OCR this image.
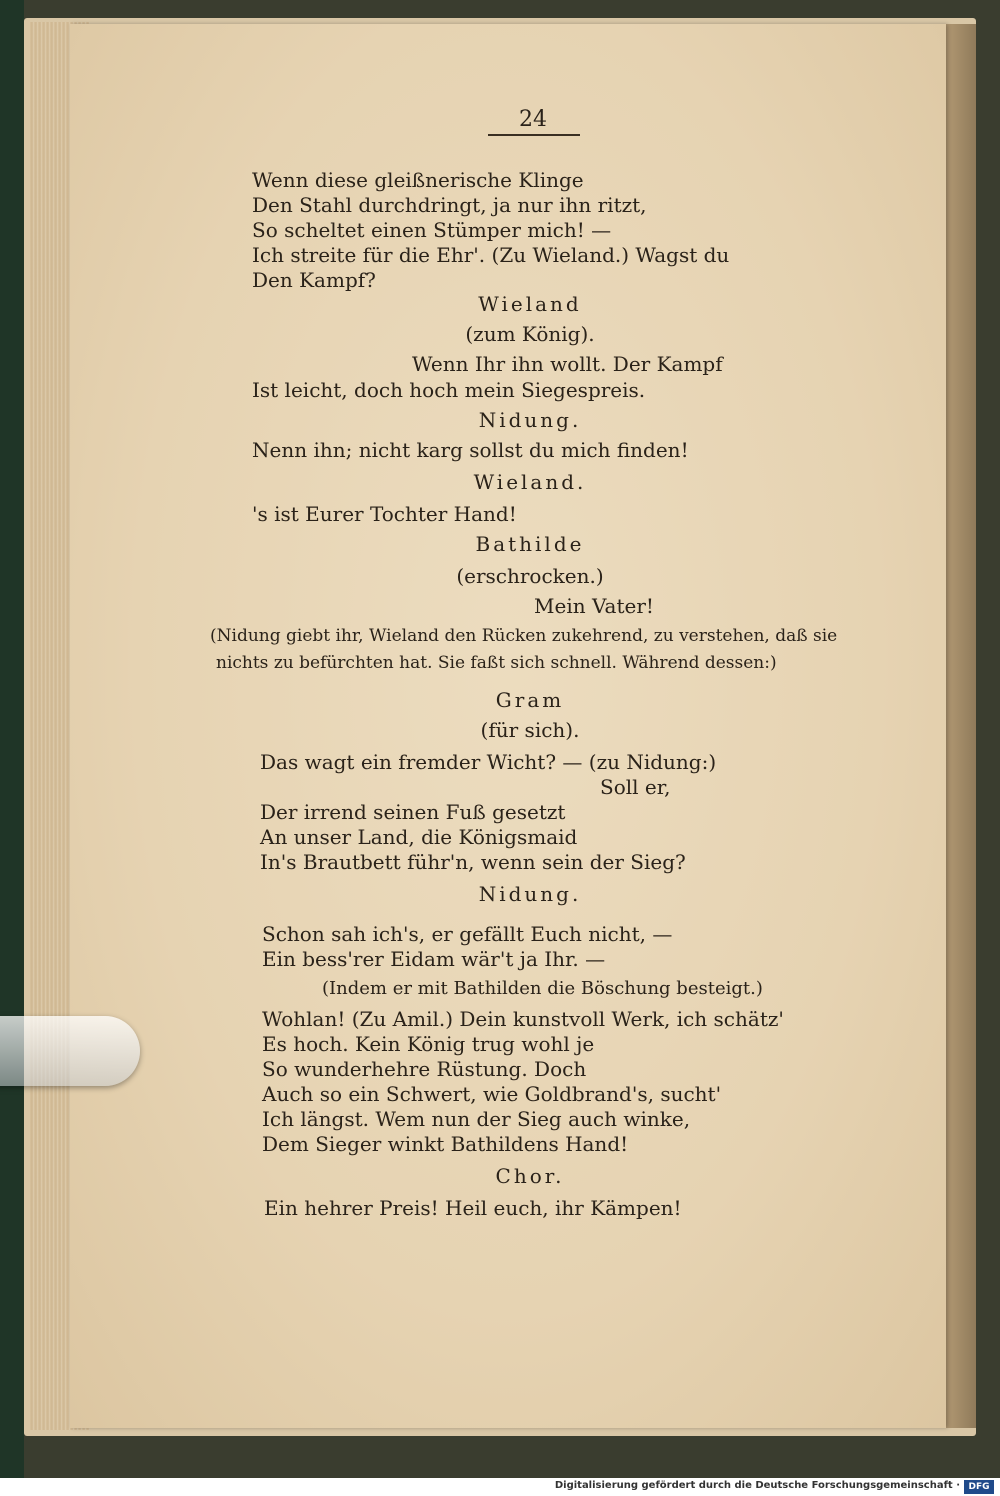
24
Wenn diese gleißnerische Klinge
Den Stahl durchdringt, ja nur ihn ritzt,
So scheltet einen Stümper mich! —
Ich streite für die Ehr'. (Zu Wieland.) Wagst du
Den Kampf?
Wieland
(zum König).
Wenn Ihr ihn wollt. Der Kampf
Ist leicht, doch hoch mein Siegespreis.
Nidung.
Nenn ihn; nicht karg sollst du mich finden!
Wieland.
's ist Eurer Tochter Hand!
Bathilde
(erschrocken.)
Mein Vater!
(Nidung giebt ihr, Wieland den Rücken zukehrend, zu verstehen, daß sie
nichts zu befürchten hat. Sie faßt sich schnell. Während dessen:)
Gram
(für sich).
Das wagt ein fremder Wicht? — (zu Nidung:)
Soll er,
Der irrend seinen Fuß gesetzt
An unser Land, die Königsmaid
In's Brautbett führ'n, wenn sein der Sieg?
Nidung.
Schon sah ich's, er gefällt Euch nicht, —
Ein bess'rer Eidam wär't ja Ihr. —
(Indem er mit Bathilden die Böschung besteigt.)
Wohlan! (Zu Amil.) Dein kunstvoll Werk, ich schätz'
Es hoch. Kein König trug wohl je
So wunderhehre Rüstung. Doch
Auch so ein Schwert, wie Goldbrand's, sucht'
Ich längst. Wem nun der Sieg auch winke,
Dem Sieger winkt Bathildens Hand!
Chor.
Ein hehrer Preis! Heil euch, ihr Kämpen!
Digitalisierung gefördert durch die Deutsche Forschungsgemeinschaft · DFG
